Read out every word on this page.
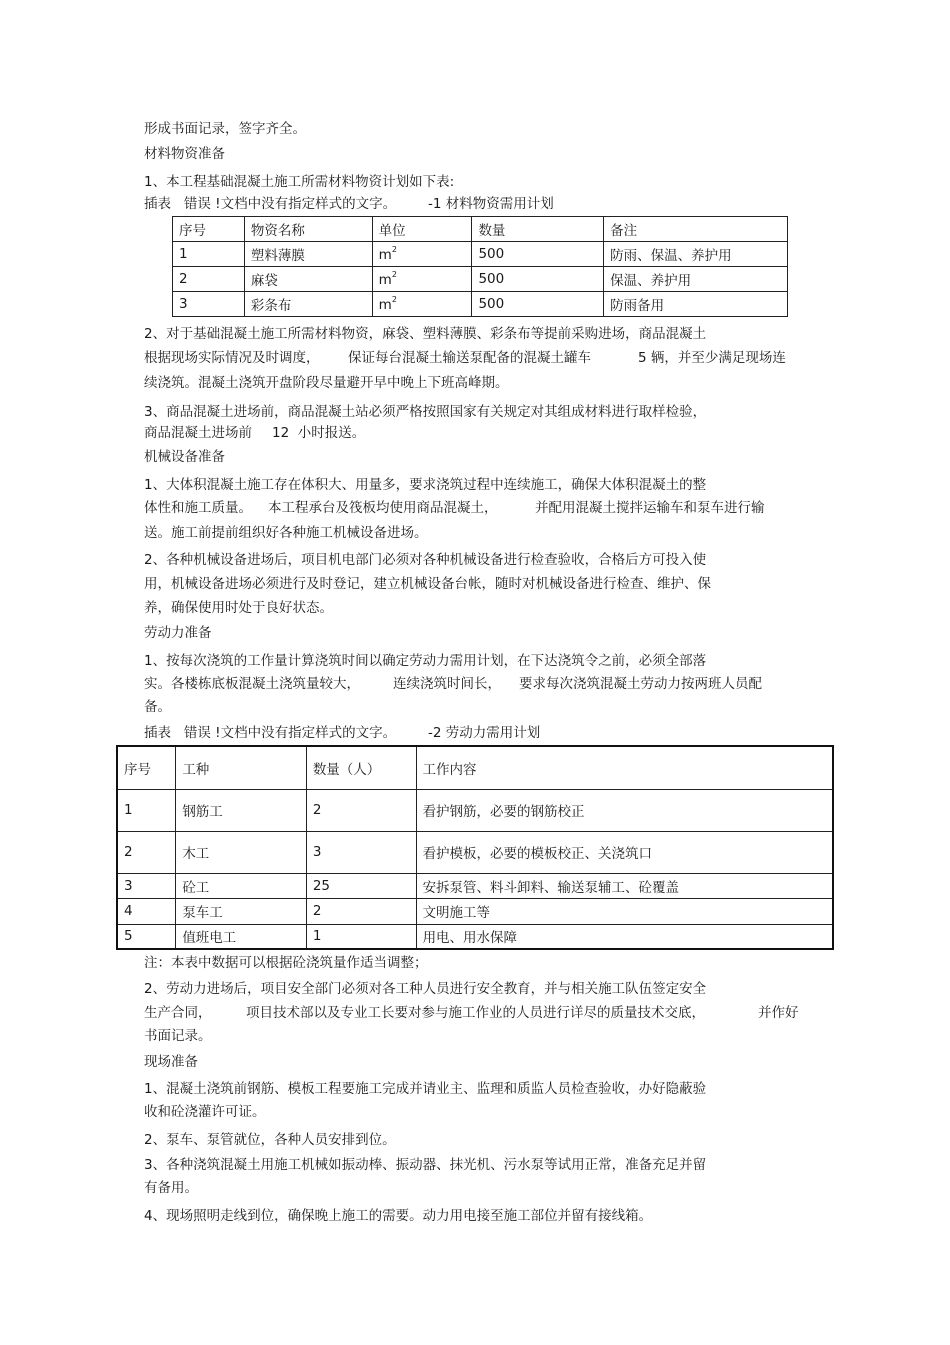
形成书面记录，签字齐全。
材料物资准备
1、本工程基础混凝土施工所需材料物资计划如下表:
插表   错误 !文档中没有指定样式的文字。 -1 材料物资需用计划
序号	物资名称	单位	数量	备注
1	塑料薄膜	$m^2$	500	防雨、保温、养护用
2	麻袋	$m^2$	500	保温、养护用
3	彩条布	$m^2$	500	防雨备用
2、对于基础混凝土施工所需材料物资，麻袋、塑料薄膜、彩条布等提前采购进场，商品混凝土
根据现场实际情况及时调度， 保证每台混凝土输送泵配备的混凝土罐车	5 辆，并至少满足现场连
续浇筑。混凝土浇筑开盘阶段尽量避开早中晚上下班高峰期。
3、商品混凝土进场前，商品混凝土站必须严格按照国家有关规定对其组成材料进行取样检验，
商品混凝土进场前 12  小时报送。
机械设备准备
1、大体积混凝土施工存在体积大、用量多，要求浇筑过程中连续施工，确保大体积混凝土的整
体性和施工质量。 本工程承台及筏板均使用商品混凝土，	并配用混凝土搅拌运输车和泵车进行输
送。施工前提前组织好各种施工机械设备进场。
2、各种机械设备进场后，项目机电部门必须对各种机械设备进行检查验收，合格后方可投入使
用，机械设备进场必须进行及时登记，建立机械设备台帐，随时对机械设备进行检查、维护、保
养，确保使用时处于良好状态。
劳动力准备
1、按每次浇筑的工作量计算浇筑时间以确定劳动力需用计划，在下达浇筑令之前，必须全部落
实。各楼栋底板混凝土浇筑量较大， 连续浇筑时间长， 要求每次浇筑混凝土劳动力按两班人员配
备。
插表   错误 !文档中没有指定样式的文字。 -2 劳动力需用计划
序号	工种	数量（人）	工作内容
1	钢筋工	2	看护钢筋，必要的钢筋校正
2	木工	3	看护模板，必要的模板校正、关浇筑口
3	砼工	25	安拆泵管、料斗卸料、输送泵辅工、砼覆盖
4	泵车工	2	文明施工等
5	值班电工	1	用电、用水保障
注：本表中数据可以根据砼浇筑量作适当调整；
2、劳动力进场后，项目安全部门必须对各工种人员进行安全教育，并与相关施工队伍签定安全
生产合同，	项目技术部以及专业工长要对参与施工作业的人员进行详尽的质量技术交底，	并作好
书面记录。
现场准备
1、混凝土浇筑前钢筋、模板工程要施工完成并请业主、监理和质监人员检查验收，办好隐蔽验
收和砼浇灌许可证。
2、泵车、泵管就位，各种人员安排到位。
3、各种浇筑混凝土用施工机械如振动棒、振动器、抹光机、污水泵等试用正常，准备充足并留
有备用。
4、现场照明走线到位，确保晚上施工的需要。动力用电接至施工部位并留有接线箱。
